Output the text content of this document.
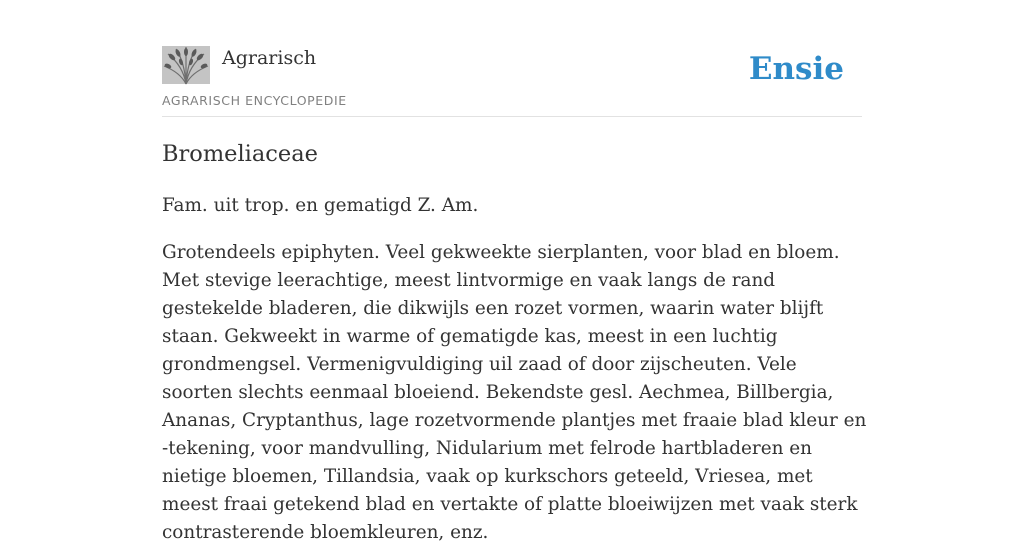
Agrarisch
AGRARISCH ENCYCLOPEDIE
Ensie
Bromeliaceae

Fam. uit trop. en gematigd Z. Am.

Grotendeels epiphyten. Veel gekweekte sierplanten, voor blad en bloem. Met stevige leerachtige, meest lintvormige en vaak langs de rand gestekelde bladeren, die dikwijls een rozet vormen, waarin water blijft staan. Gekweekt in warme of gematigde kas, meest in een luchtig grondmengsel. Vermenigvuldiging uil zaad of door zijscheuten. Vele soorten slechts eenmaal bloeiend. Bekendste gesl. Aechmea, Billbergia, Ananas, Cryptanthus, lage rozetvormende plantjes met fraaie blad kleur en -tekening, voor mandvulling, Nidularium met felrode hartbladeren en nietige bloemen, Tillandsia, vaak op kurkschors geteeld, Vriesea, met meest fraai getekend blad en vertakte of platte bloeiwijzen met vaak sterk contrasterende bloemkleuren, enz.
